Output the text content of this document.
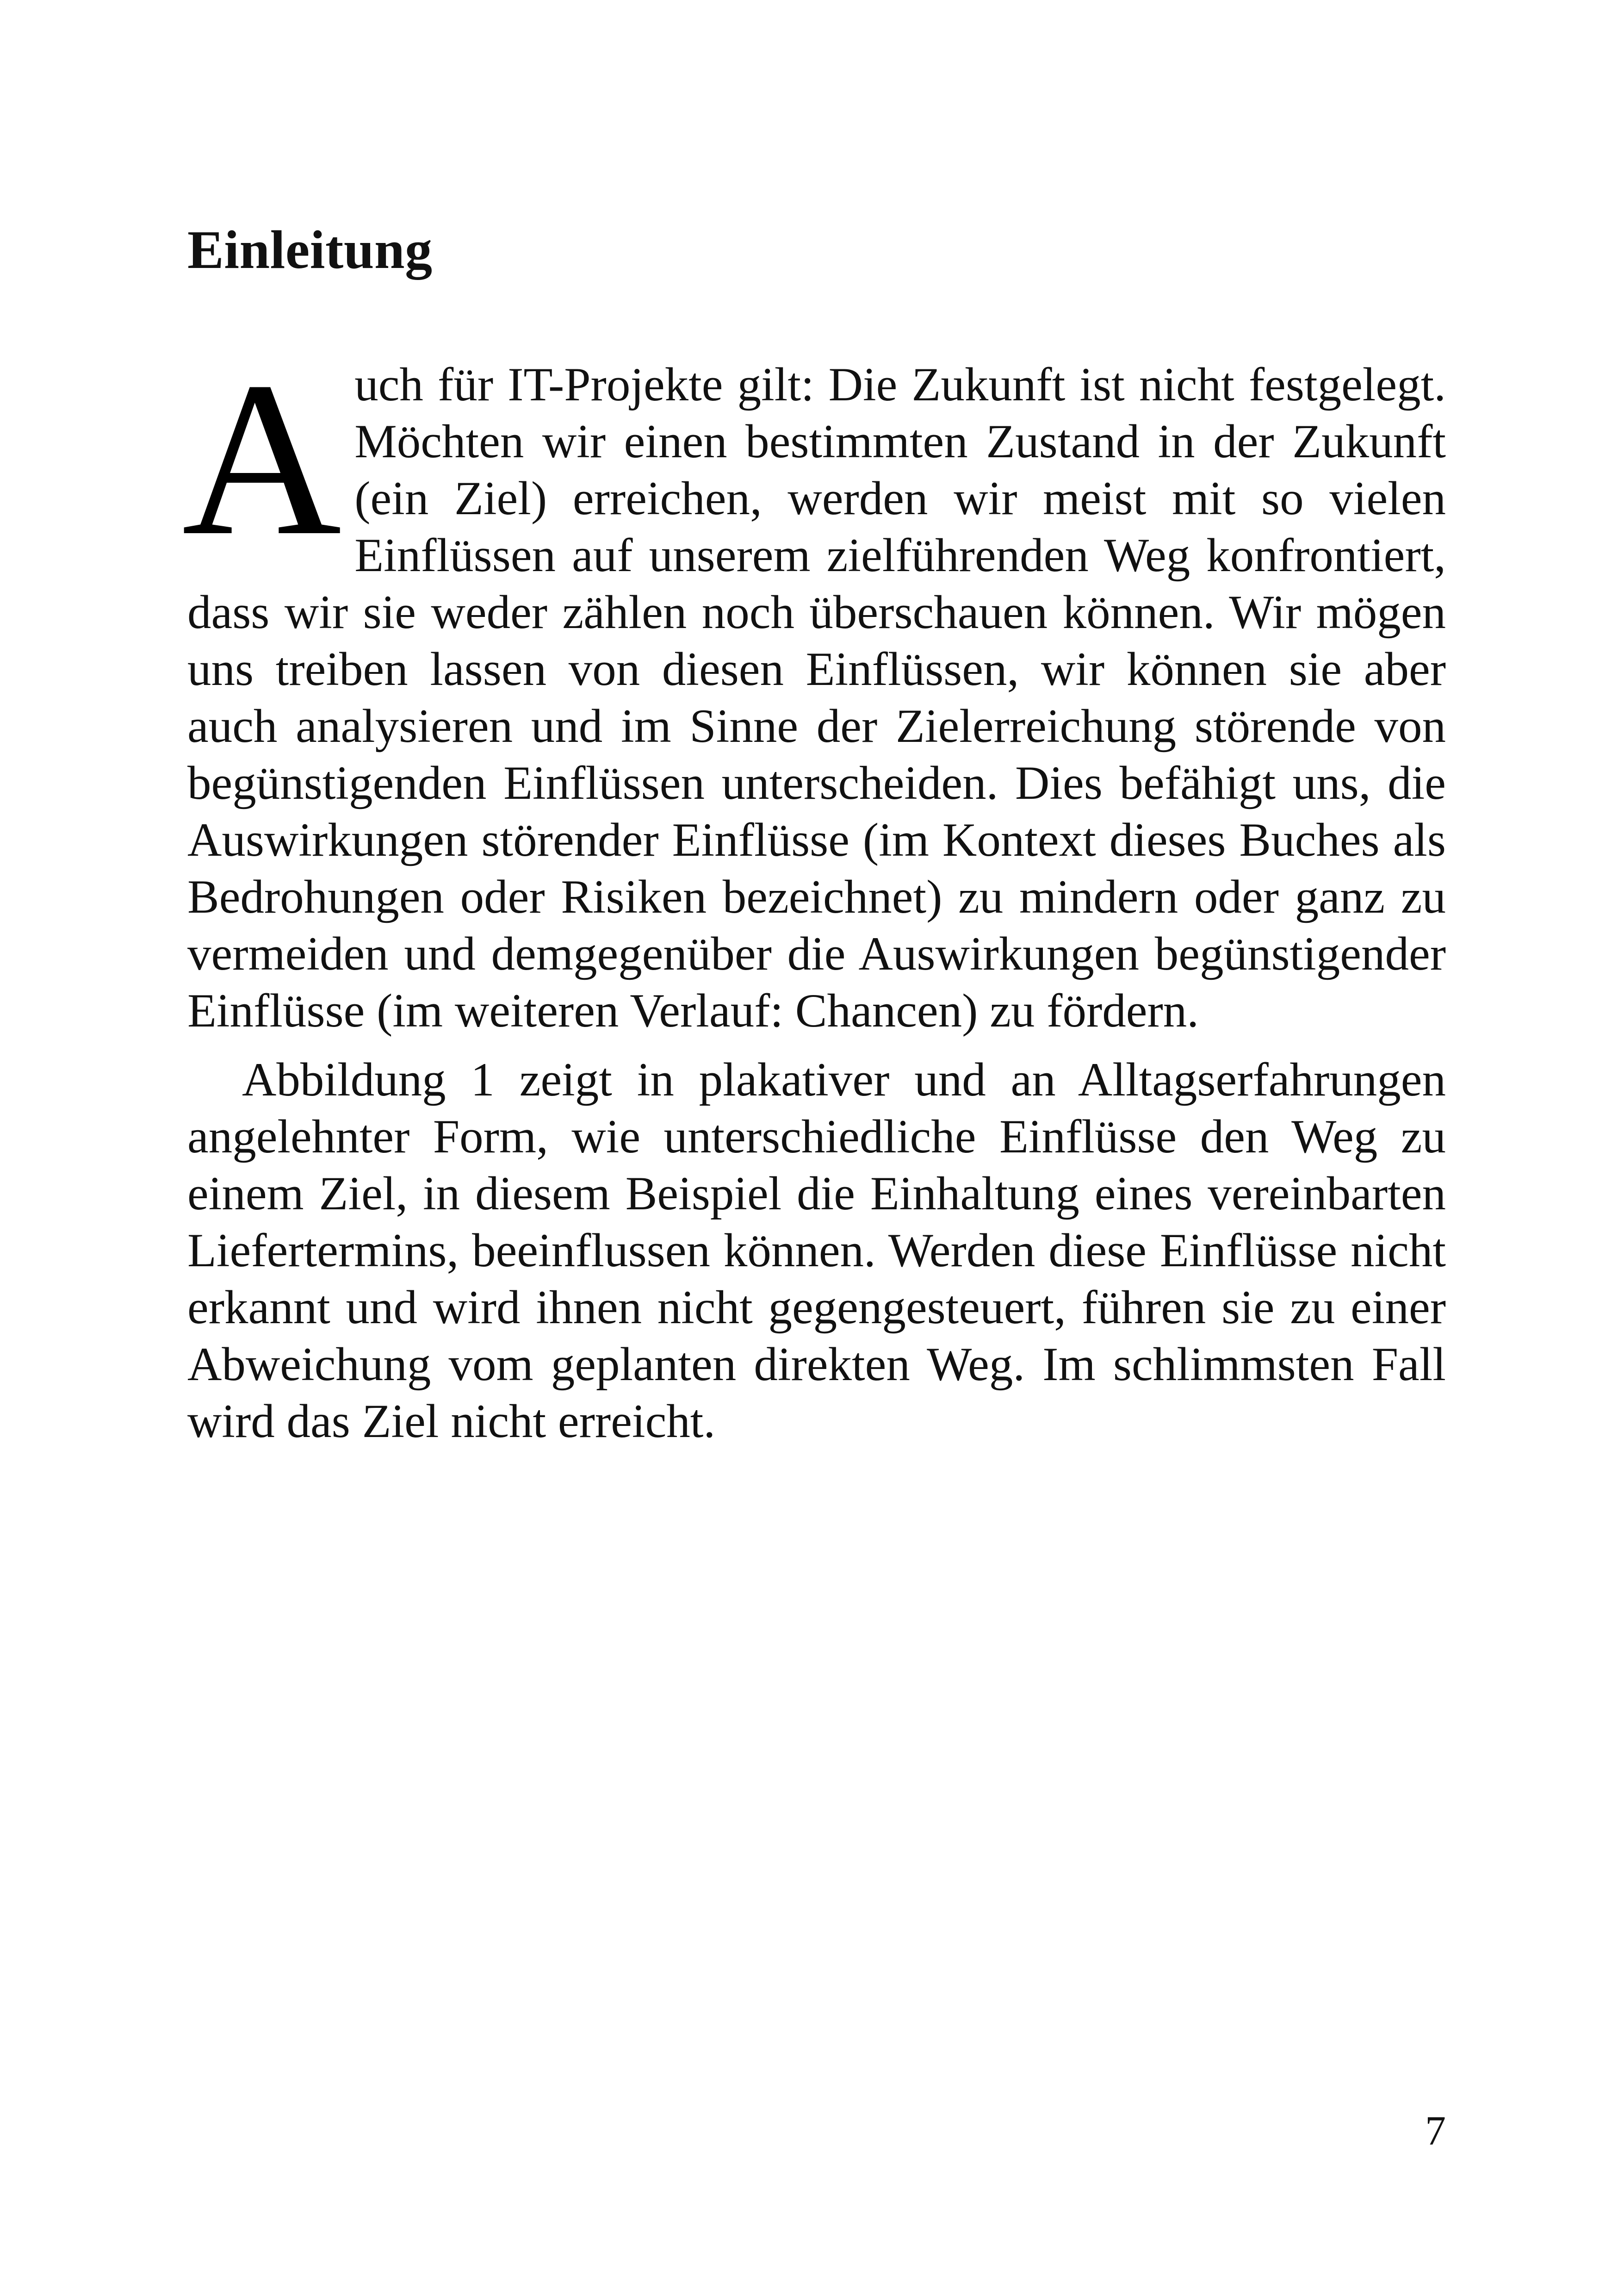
Einleitung

Auch für IT-Projekte gilt: Die Zukunft ist nicht festgelegt. Möchten wir einen bestimmten Zustand in der Zukunft (ein Ziel) erreichen, werden wir meist mit so vielen Einflüssen auf unserem zielführenden Weg konfrontiert, dass wir sie weder zählen noch überschauen können. Wir mögen uns treiben lassen von diesen Einflüssen, wir können sie aber auch analysieren und im Sinne der Zielerreichung störende von begünstigenden Einflüssen unterscheiden. Dies befähigt uns, die Auswirkungen störender Einflüsse (im Kontext dieses Buches als Bedrohungen oder Risiken bezeichnet) zu mindern oder ganz zu vermeiden und demgegenüber die Auswirkungen begünstigender Einflüsse (im weiteren Verlauf: Chancen) zu fördern.

Abbildung 1 zeigt in plakativer und an Alltagserfahrungen angelehnter Form, wie unterschiedliche Einflüsse den Weg zu einem Ziel, in diesem Beispiel die Einhaltung eines vereinbarten Liefertermins, beeinflussen können. Werden diese Einflüsse nicht erkannt und wird ihnen nicht gegengesteuert, führen sie zu einer Abweichung vom geplanten direkten Weg. Im schlimmsten Fall wird das Ziel nicht erreicht.

7
